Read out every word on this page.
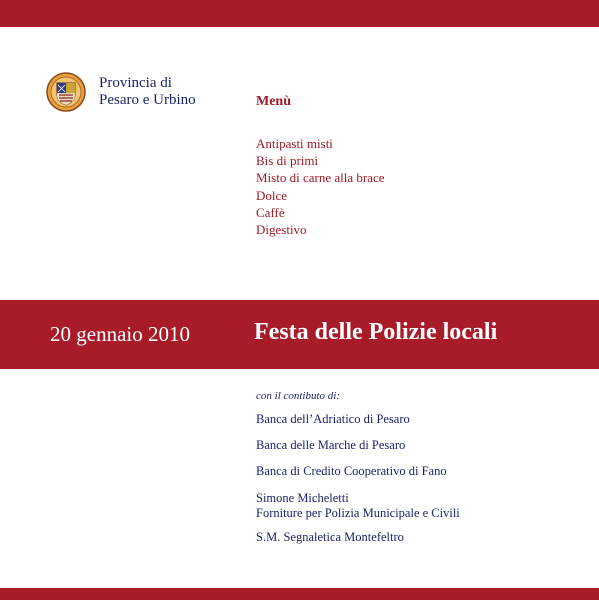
Provincia di
Pesaro e Urbino	Menù
Antipasti misti
Bis di primi
Misto di carne alla brace
Dolce
Caffè
Digestivo
20 gennaio 2010	Festa delle Polizie locali
con il contibuto di:
Banca dell’Adriatico di Pesaro
Banca delle Marche di Pesaro
Banca di Credito Cooperativo di Fano
Simone Micheletti
Forniture per Polizia Municipale e Civili
S.M. Segnaletica Montefeltro
